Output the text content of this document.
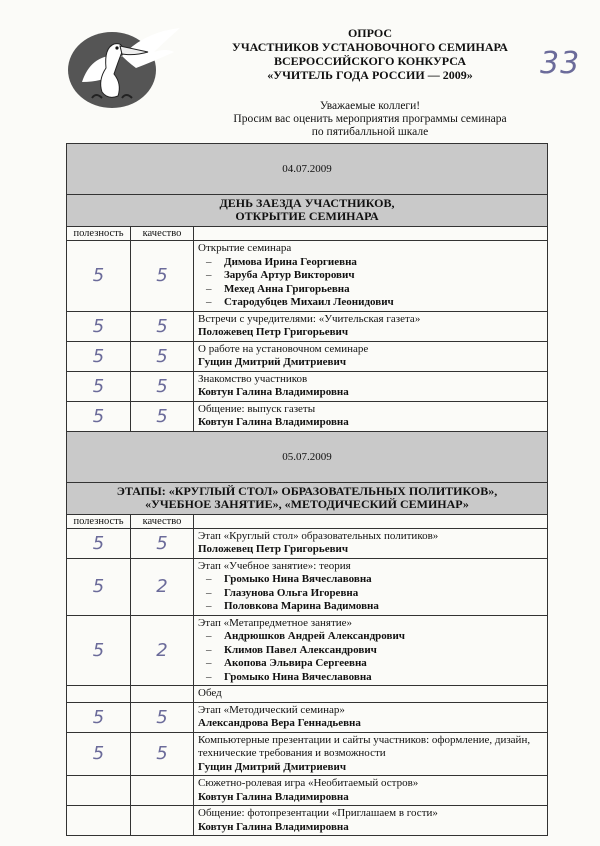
ОПРОС
УЧАСТНИКОВ УСТАНОВОЧНОГО СЕМИНАРА
ВСЕРОССИЙСКОГО КОНКУРСА
«УЧИТЕЛЬ ГОДА РОССИИ — 2009»	33
Уважаемые коллеги!
Просим вас оценить мероприятия программы семинара
по пятибалльной шкале
04.07.2009		

ДЕНЬ ЗАЕЗДА УЧАСТНИКОВ,
ОТКРЫТИЕ СЕМИНАРА		

полезность	качество	
5	5	Открытие семинара
– Димова Ирина Георгиевна
– Заруба Артур Викторович
– Мехед Анна Григорьевна
– Стародубцев Михаил Леонидович

5	5	Встречи с учредителями: «Учительская газета»
Положевец Петр Григорьевич

5	5	О работе на установочном семинаре
Гущин Дмитрий Дмитриевич

5	5	Знакомство участников
Ковтун Галина Владимировна

5	5	Общение: выпуск газеты
Ковтун Галина Владимировна

05.07.2009		

ЭТАПЫ: «КРУГЛЫЙ СТОЛ» ОБРАЗОВАТЕЛЬНЫХ ПОЛИТИКОВ»,
«УЧЕБНОЕ ЗАНЯТИЕ», «МЕТОДИЧЕСКИЙ СЕМИНАР»		

полезность	качество	
5	5	Этап «Круглый стол» образовательных политиков»
Положевец Петр Григорьевич

5	2	Этап «Учебное занятие»: теория
– Громыко Нина Вячеславовна
– Глазунова Ольга Игоревна
– Половкова Марина Вадимовна

5	2	Этап «Метапредметное занятие»
– Андрюшков Андрей Александрович
– Климов Павел Александрович
– Акопова Эльвира Сергеевна
– Громыко Нина Вячеславовна

		Обед

5	5	Этап «Методический семинар»
Александрова Вера Геннадьевна

5	5	Компьютерные презентации и сайты участников: оформление, дизайн, технические требования и возможности
Гущин Дмитрий Дмитриевич

		Сюжетно-ролевая игра «Необитаемый остров»
Ковтун Галина Владимировна

		Общение: фотопрезентации «Приглашаем в гости»
Ковтун Галина Владимировна
